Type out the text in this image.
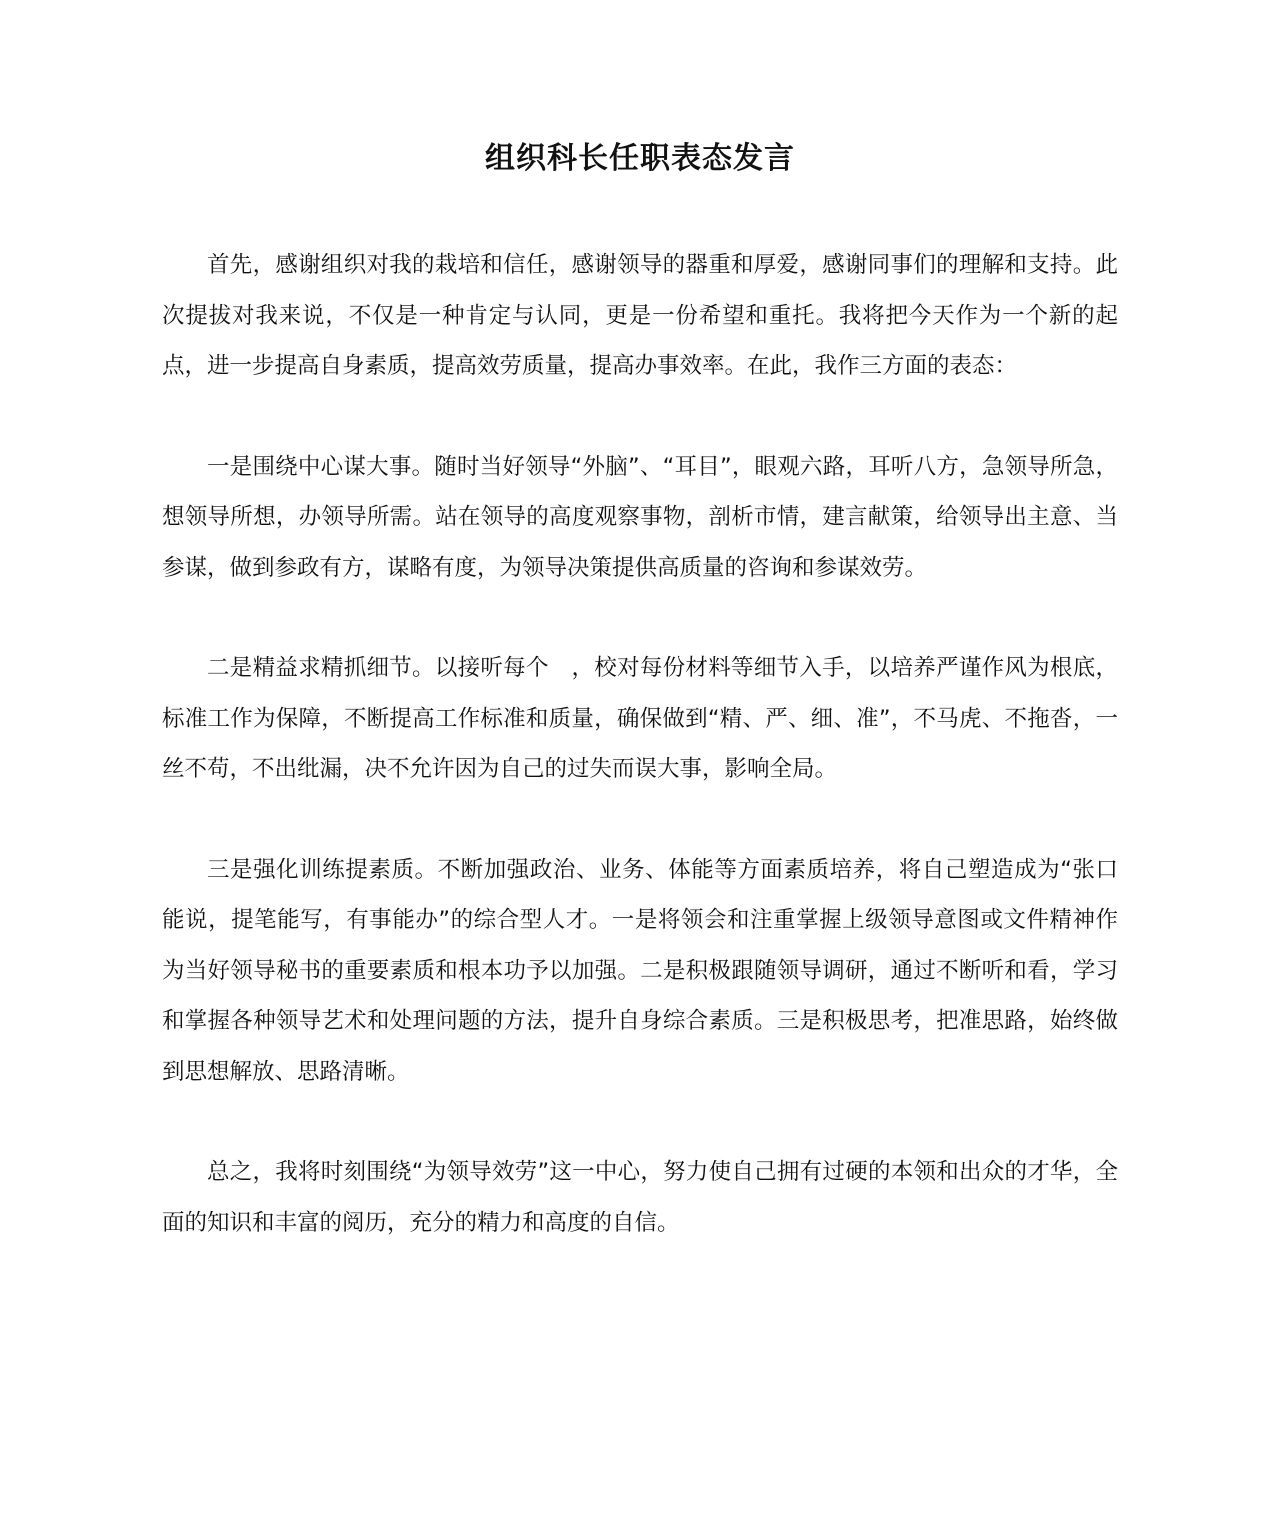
组织科长任职表态发言

首先，感谢组织对我的栽培和信任，感谢领导的器重和厚爱，感谢同事们的理解和支持。此次提拔对我来说，不仅是一种肯定与认同，更是一份希望和重托。我将把今天作为一个新的起点，进一步提高自身素质，提高效劳质量，提高办事效率。在此，我作三方面的表态：

一是围绕中心谋大事。随时当好领导“外脑”、“耳目”，眼观六路，耳听八方，急领导所急，想领导所想，办领导所需。站在领导的高度观察事物，剖析市情，建言献策，给领导出主意、当参谋，做到参政有方，谋略有度，为领导决策提供高质量的咨询和参谋效劳。

二是精益求精抓细节。以接听每个　，校对每份材料等细节入手，以培养严谨作风为根底，标准工作为保障，不断提高工作标准和质量，确保做到“精、严、细、准”，不马虎、不拖沓，一丝不苟，不出纰漏，决不允许因为自己的过失而误大事，影响全局。

三是强化训练提素质。不断加强政治、业务、体能等方面素质培养，将自己塑造成为“张口能说，提笔能写，有事能办”的综合型人才。一是将领会和注重掌握上级领导意图或文件精神作为当好领导秘书的重要素质和根本功予以加强。二是积极跟随领导调研，通过不断听和看，学习和掌握各种领导艺术和处理问题的方法，提升自身综合素质。三是积极思考，把准思路，始终做到思想解放、思路清晰。

总之，我将时刻围绕“为领导效劳”这一中心，努力使自己拥有过硬的本领和出众的才华，全面的知识和丰富的阅历，充分的精力和高度的自信。
